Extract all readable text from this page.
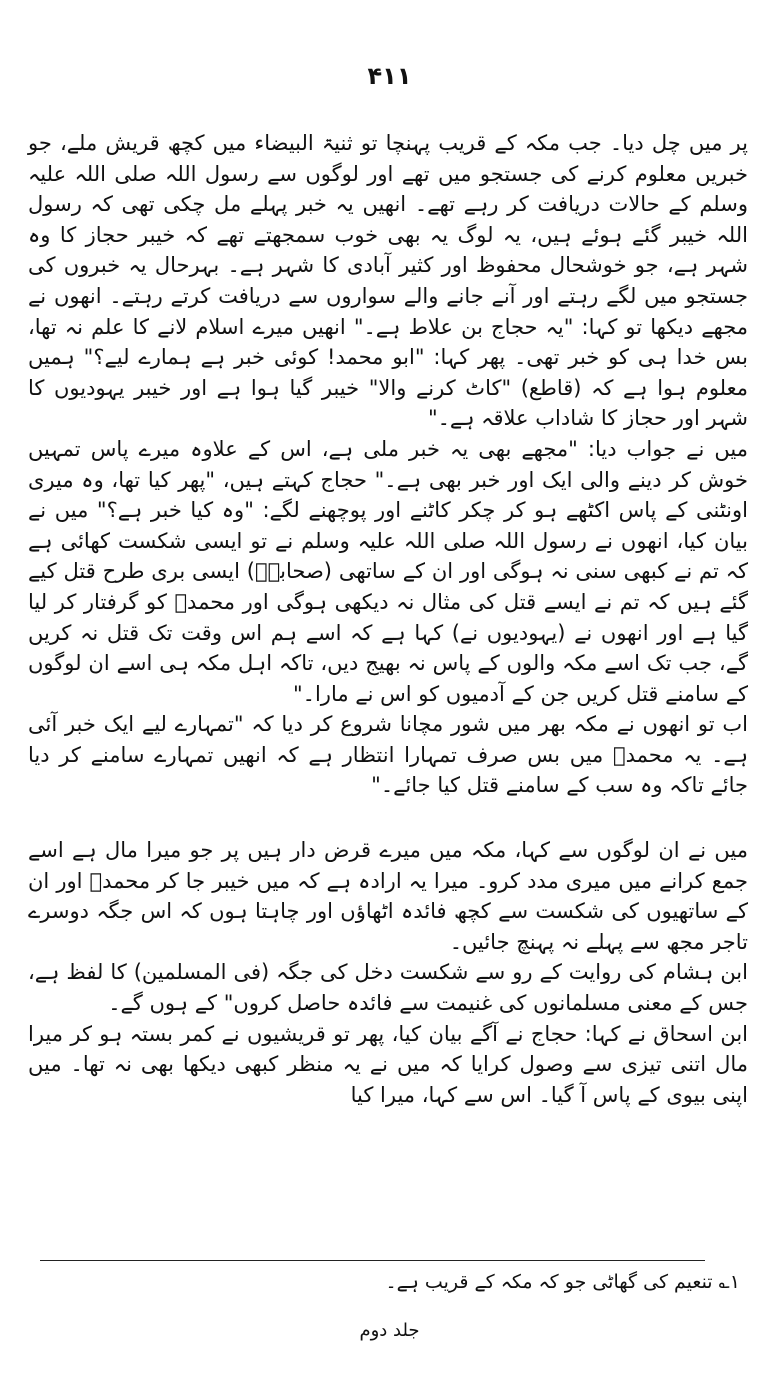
۴۱۱

پر میں چل دیا۔ جب مکہ کے قریب پہنچا تو ثنیۃ البیضاء میں کچھ قریش ملے، جو خبریں معلوم کرنے کی جستجو میں تھے اور لوگوں سے رسول اللہ صلی اللہ علیہ وسلم کے حالات دریافت کر رہے تھے۔ انھیں یہ خبر پہلے مل چکی تھی کہ رسول اللہ خیبر گئے ہوئے ہیں، یہ لوگ یہ بھی خوب سمجھتے تھے کہ خیبر حجاز کا وہ شہر ہے، جو خوشحال محفوظ اور کثیر آبادی کا شہر ہے۔ بہرحال یہ خبروں کی جستجو میں لگے رہتے اور آنے جانے والے سواروں سے دریافت کرتے رہتے۔ انھوں نے مجھے دیکھا تو کہا: "یہ حجاج بن علاط ہے۔" انھیں میرے اسلام لانے کا علم نہ تھا، بس خدا ہی کو خبر تھی۔ پھر کہا: "ابو محمد! کوئی خبر ہے ہمارے لیے؟" ہمیں معلوم ہوا ہے کہ (قاطع) "کاٹ کرنے والا" خیبر گیا ہوا ہے اور خیبر یہودیوں کا شہر اور حجاز کا شاداب علاقہ ہے۔"

میں نے جواب دیا: "مجھے بھی یہ خبر ملی ہے، اس کے علاوہ میرے پاس تمہیں خوش کر دینے والی ایک اور خبر بھی ہے۔" حجاج کہتے ہیں، "پھر کیا تھا، وہ میری اونٹنی کے پاس اکٹھے ہو کر چکر کاٹنے اور پوچھنے لگے: "وہ کیا خبر ہے؟" میں نے بیان کیا، انھوں نے رسول اللہ صلی اللہ علیہ وسلم نے تو ایسی شکست کھائی ہے کہ تم نے کبھی سنی نہ ہوگی اور ان کے ساتھی (صحابہؓ) ایسی بری طرح قتل کیے گئے ہیں کہ تم نے ایسے قتل کی مثال نہ دیکھی ہوگی اور محمدؐ کو گرفتار کر لیا گیا ہے اور انھوں نے (یہودیوں نے) کہا ہے کہ اسے ہم اس وقت تک قتل نہ کریں گے، جب تک اسے مکہ والوں کے پاس نہ بھیج دیں، تاکہ اہل مکہ ہی اسے ان لوگوں کے سامنے قتل کریں جن کے آدمیوں کو اس نے مارا۔"

اب تو انھوں نے مکہ بھر میں شور مچانا شروع کر دیا کہ "تمہارے لیے ایک خبر آئی ہے۔ یہ محمدؐ میں بس صرف تمہارا انتظار ہے کہ انھیں تمہارے سامنے کر دیا جائے تاکہ وہ سب کے سامنے قتل کیا جائے۔"

میں نے ان لوگوں سے کہا، مکہ میں میرے قرض دار ہیں پر جو میرا مال ہے اسے جمع کرانے میں میری مدد کرو۔ میرا یہ ارادہ ہے کہ میں خیبر جا کر محمدؐ اور ان کے ساتھیوں کی شکست سے کچھ فائدہ اٹھاؤں اور چاہتا ہوں کہ اس جگہ دوسرے تاجر مجھ سے پہلے نہ پہنچ جائیں۔

ابن ہشام کی روایت کے رو سے شکست دخل کی جگہ (فی المسلمین) کا لفظ ہے، جس کے معنی مسلمانوں کی غنیمت سے فائدہ حاصل کروں" کے ہوں گے۔

ابن اسحاق نے کہا: حجاج نے آگے بیان کیا، پھر تو قریشیوں نے کمر بستہ ہو کر میرا مال اتنی تیزی سے وصول کرایا کہ میں نے یہ منظر کبھی دیکھا بھی نہ تھا۔ میں اپنی بیوی کے پاس آ گیا۔ اس سے کہا، میرا کیا

۱؎ تنعیم کی گھاٹی جو کہ مکہ کے قریب ہے۔
جلد دوم
